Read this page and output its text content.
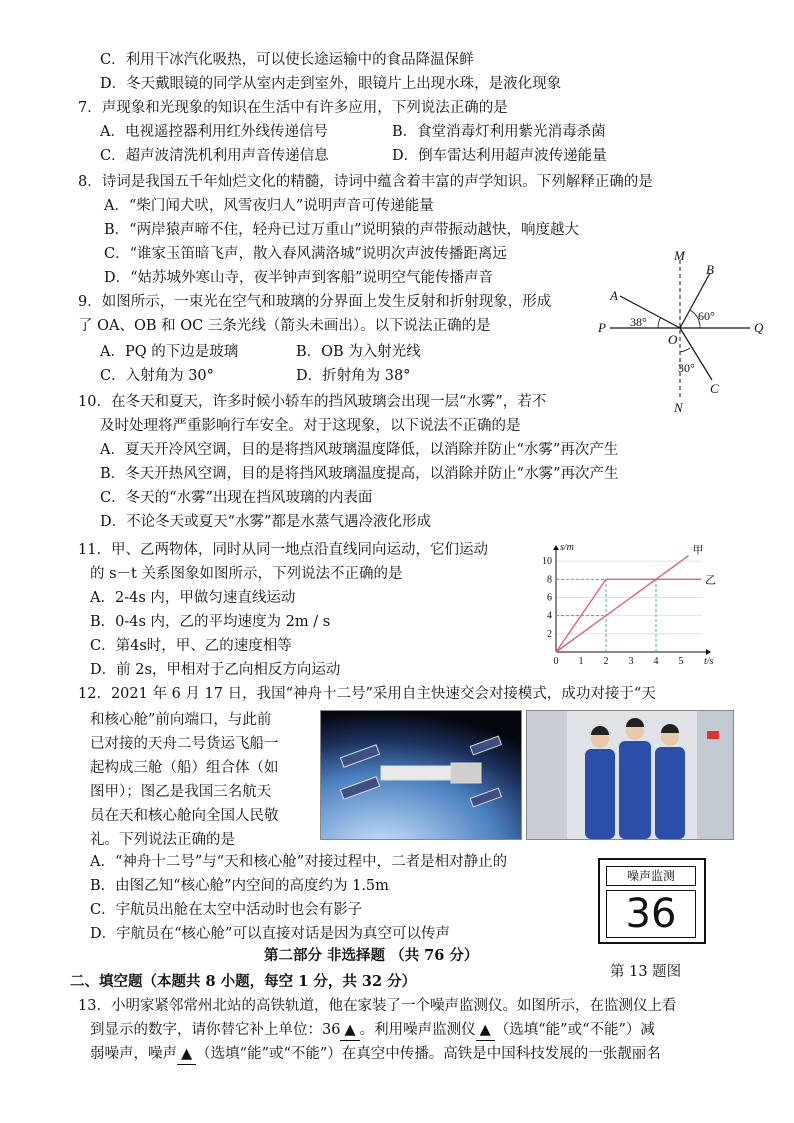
C．利用干冰汽化吸热，可以使长途运输中的食品降温保鲜
D．冬天戴眼镜的同学从室内走到室外，眼镜片上出现水珠，是液化现象
7．声现象和光现象的知识在生活中有许多应用，下列说法正确的是
A．电视遥控器利用红外线传递信号	B．食堂消毒灯利用紫光消毒杀菌
C．超声波清洗机利用声音传递信息	D．倒车雷达利用超声波传递能量
8．诗词是我国五千年灿烂文化的精髓，诗词中蕴含着丰富的声学知识。下列解释正确的是
A．“柴门闻犬吠，风雪夜归人”说明声音可传递能量
B．“两岸猿声啼不住，轻舟已过万重山”说明猿的声带振动越快，响度越大
C．“谁家玉笛暗飞声，散入春风满洛城”说明次声波传播距离远
D．“姑苏城外寒山寺，夜半钟声到客船”说明空气能传播声音
9．如图所示，一束光在空气和玻璃的分界面上发生反射和折射现象，形成
了 OA、OB 和 OC 三条光线（箭头未画出）。以下说法正确的是
A．PQ 的下边是玻璃	B．OB 为入射光线
C．入射角为 30°	D．折射角为 38°
M
N
P	Q
O
A
B
C
38°	60°
30°
10．在冬天和夏天，许多时候小轿车的挡风玻璃会出现一层“水雾”，若不
及时处理将严重影响行车安全。对于这现象，以下说法不正确的是
A．夏天开冷风空调，目的是将挡风玻璃温度降低，以消除并防止“水雾”再次产生
B．冬天开热风空调，目的是将挡风玻璃温度提高，以消除并防止“水雾”再次产生
C．冬天的“水雾”出现在挡风玻璃的内表面
D．不论冬天或夏天“水雾”都是水蒸气遇冷液化形成
11．甲、乙两物体，同时从同一地点沿直线同向运动，它们运动
的 s－t 关系图象如图所示，下列说法不正确的是
A．2-4s 内，甲做匀速直线运动
B．0-4s 内，乙的平均速度为 2m / s
C．第4s时，甲、乙的速度相等
D．前 2s，甲相对于乙向相反方向运动
2
4
6
8
10
0 1 2 3 4 5 t/s
s/m	甲
乙
12．2021 年 6 月 17 日，我国“神舟十二号”采用自主快速交会对接模式，成功对接于“天
和核心舱”前向端口，与此前
已对接的天舟二号货运飞船一
起构成三舱（船）组合体（如
图甲）；图乙是我国三名航天
员在天和核心舱向全国人民敬
礼。下列说法正确的是
A．“神舟十二号”与“天和核心舱”对接过程中，二者是相对静止的
B．由图乙知“核心舱”内空间的高度约为 1.5m
C．宇航员出舱在太空中活动时也会有影子
D．宇航员在“核心舱”可以直接对话是因为真空可以传声
噪声监测
36
第 13 题图
第二部分 非选择题 （共 76 分）
二、填空题（本题共 8 小题，每空 1 分，共 32 分）
13．小明家紧邻常州北站的高铁轨道，他在家装了一个噪声监测仪。如图所示，在监测仪上看
到显示的数字，请你替它补上单位：36 ▲ 。利用噪声监测仪 ▲ （选填“能”或“不能”）减
弱噪声，噪声 ▲ （选填“能”或“不能”）在真空中传播。高铁是中国科技发展的一张靓丽名
